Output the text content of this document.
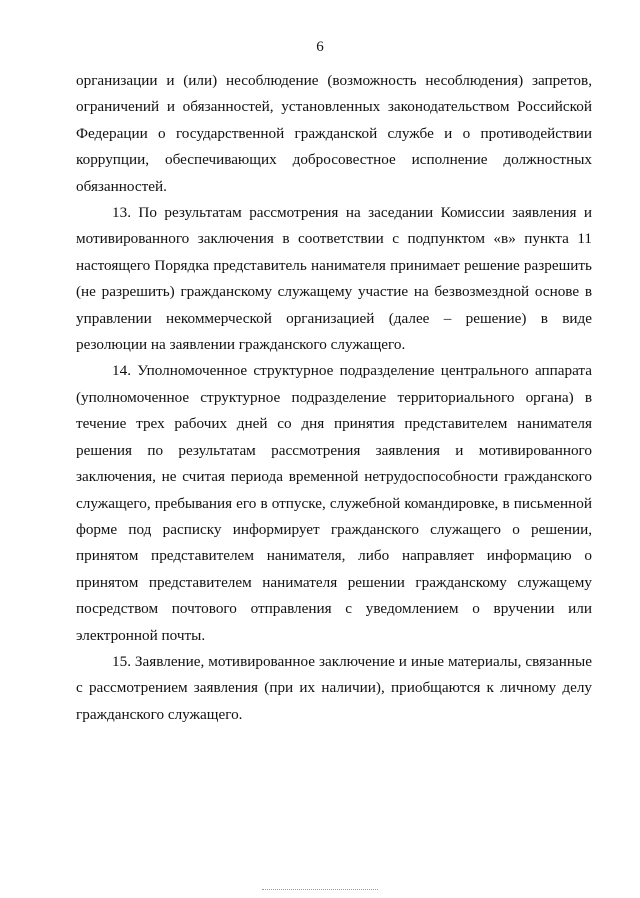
6

организации и (или) несоблюдение (возможность несоблюдения) запретов, ограничений и обязанностей, установленных законодательством Российской Федерации о государственной гражданской службе и о противодействии коррупции, обеспечивающих добросовестное исполнение должностных обязанностей.

13. По результатам рассмотрения на заседании Комиссии заявления и мотивированного заключения в соответствии с подпунктом «в» пункта 11 настоящего Порядка представитель нанимателя принимает решение разрешить (не разрешить) гражданскому служащему участие на безвозмездной основе в управлении некоммерческой организацией (далее – решение) в виде резолюции на заявлении гражданского служащего.

14. Уполномоченное структурное подразделение центрального аппарата (уполномоченное структурное подразделение территориального органа) в течение трех рабочих дней со дня принятия представителем нанимателя решения по результатам рассмотрения заявления и мотивированного заключения, не считая периода временной нетрудоспособности гражданского служащего, пребывания его в отпуске, служебной командировке, в письменной форме под расписку информирует гражданского служащего о решении, принятом представителем нанимателя, либо направляет информацию о принятом представителем нанимателя решении гражданскому служащему посредством почтового отправления с уведомлением о вручении или электронной почты.

15. Заявление, мотивированное заключение и иные материалы, связанные с рассмотрением заявления (при их наличии), приобщаются к личному делу гражданского служащего.
